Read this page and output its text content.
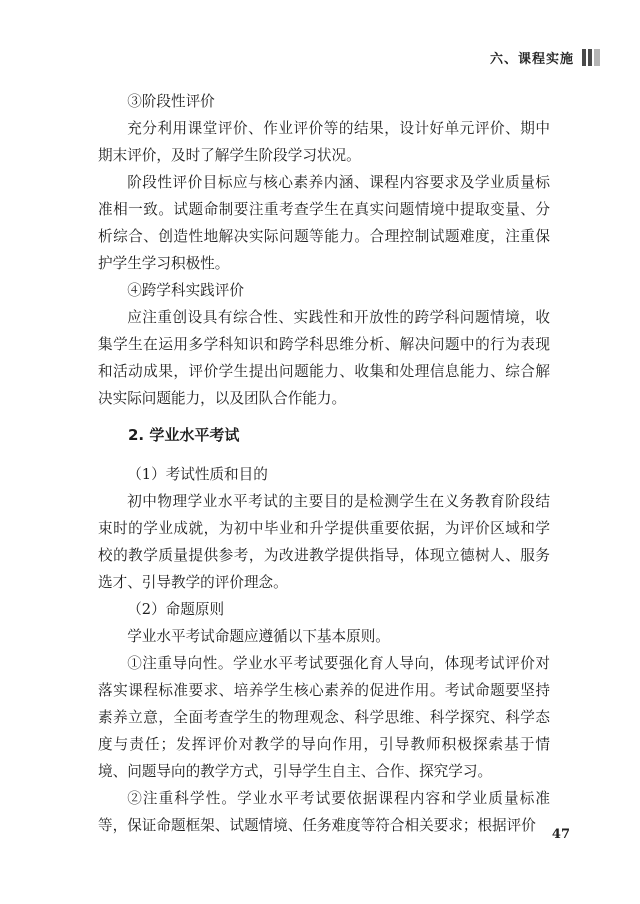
六、课程实施

③阶段性评价

充分利用课堂评价、作业评价等的结果，设计好单元评价、期中期末评价，及时了解学生阶段学习状况。

阶段性评价目标应与核心素养内涵、课程内容要求及学业质量标准相一致。试题命制要注重考查学生在真实问题情境中提取变量、分析综合、创造性地解决实际问题等能力。合理控制试题难度，注重保护学生学习积极性。

④跨学科实践评价

应注重创设具有综合性、实践性和开放性的跨学科问题情境，收集学生在运用多学科知识和跨学科思维分析、解决问题中的行为表现和活动成果，评价学生提出问题能力、收集和处理信息能力、综合解决实际问题能力，以及团队合作能力。

2. 学业水平考试

（1）考试性质和目的

初中物理学业水平考试的主要目的是检测学生在义务教育阶段结束时的学业成就，为初中毕业和升学提供重要依据，为评价区域和学校的教学质量提供参考，为改进教学提供指导，体现立德树人、服务选才、引导教学的评价理念。

（2）命题原则

学业水平考试命题应遵循以下基本原则。

①注重导向性。学业水平考试要强化育人导向，体现考试评价对落实课程标准要求、培养学生核心素养的促进作用。考试命题要坚持素养立意，全面考查学生的物理观念、科学思维、科学探究、科学态度与责任；发挥评价对教学的导向作用，引导教师积极探索基于情境、问题导向的教学方式，引导学生自主、合作、探究学习。

②注重科学性。学业水平考试要依据课程内容和学业质量标准等，保证命题框架、试题情境、任务难度等符合相关要求；根据评价

47
